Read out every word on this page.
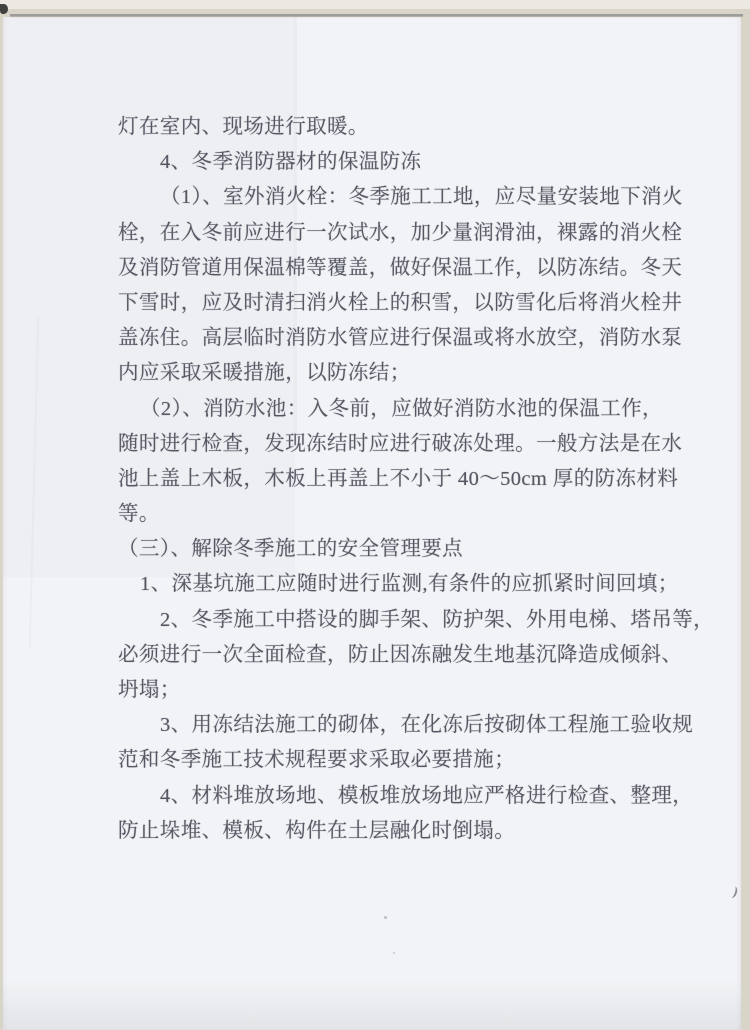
灯在室内、现场进行取暖。
4、冬季消防器材的保温防冻
（1）、室外消火栓：冬季施工工地，应尽量安装地下消火
栓，在入冬前应进行一次试水，加少量润滑油，裸露的消火栓
及消防管道用保温棉等覆盖，做好保温工作，以防冻结。冬天
下雪时，应及时清扫消火栓上的积雪，以防雪化后将消火栓井
盖冻住。高层临时消防水管应进行保温或将水放空，消防水泵
内应采取采暖措施，以防冻结；
（2）、消防水池：入冬前，应做好消防水池的保温工作，
随时进行检查，发现冻结时应进行破冻处理。一般方法是在水
池上盖上木板，木板上再盖上不小于 40～50cm 厚的防冻材料
等。
（三）、解除冬季施工的安全管理要点
1、深基坑施工应随时进行监测,有条件的应抓紧时间回填；
2、冬季施工中搭设的脚手架、防护架、外用电梯、塔吊等，
必须进行一次全面检查，防止因冻融发生地基沉降造成倾斜、
坍塌；
3、用冻结法施工的砌体，在化冻后按砌体工程施工验收规
范和冬季施工技术规程要求采取必要措施；
4、材料堆放场地、模板堆放场地应严格进行检查、整理，
防止垛堆、模板、构件在土层融化时倒塌。
